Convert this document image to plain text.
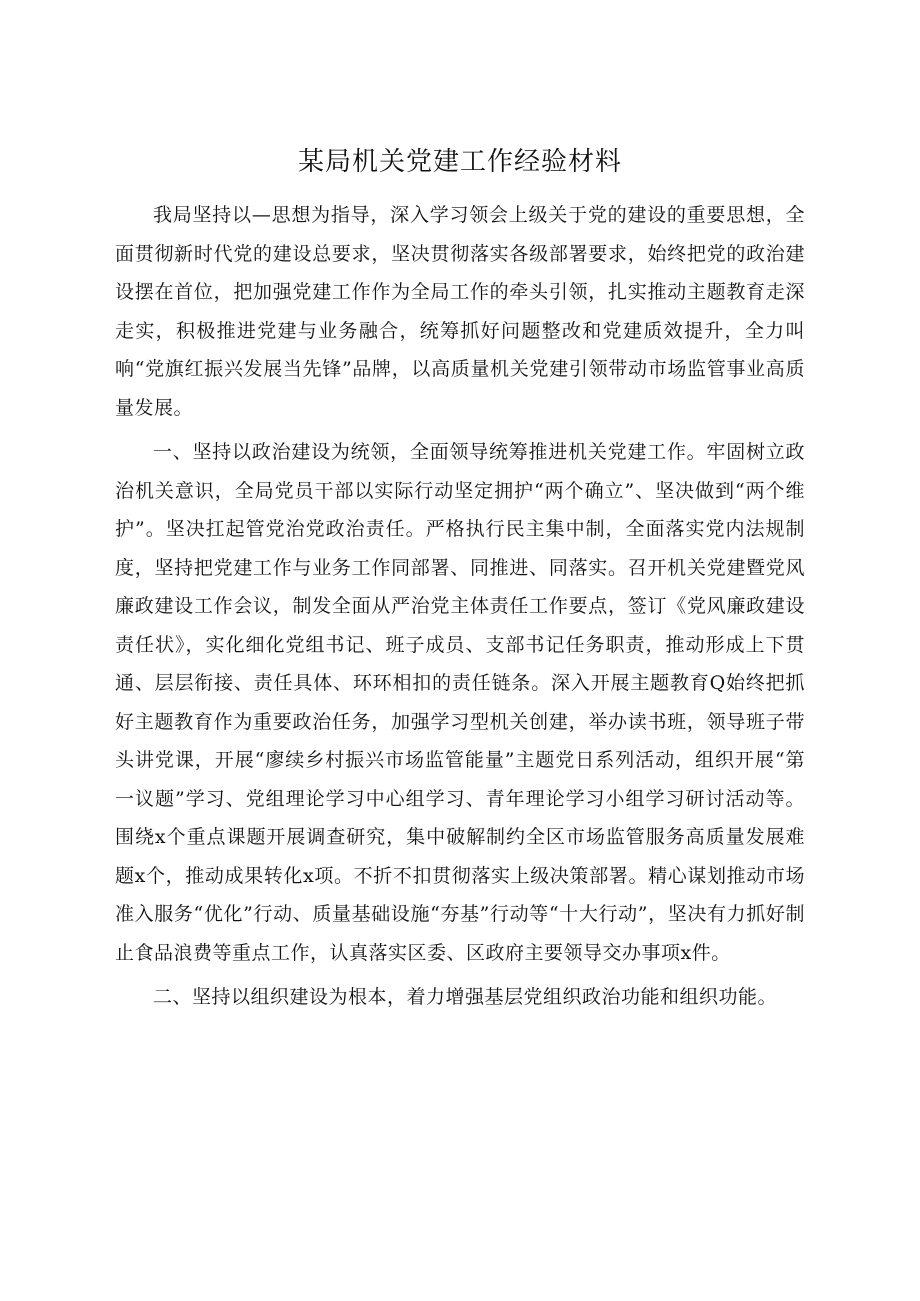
某局机关党建工作经验材料

我局坚持以—思想为指导，深入学习领会上级关于党的建设的重要思想，全面贯彻新时代党的建设总要求，坚决贯彻落实各级部署要求，始终把党的政治建设摆在首位，把加强党建工作作为全局工作的牵头引领，扎实推动主题教育走深走实，积极推进党建与业务融合，统筹抓好问题整改和党建质效提升，全力叫响“党旗红振兴发展当先锋”品牌，以高质量机关党建引领带动市场监管事业高质量发展。

一、坚持以政治建设为统领，全面领导统筹推进机关党建工作。牢固树立政治机关意识，全局党员干部以实际行动坚定拥护“两个确立”、坚决做到“两个维护”。坚决扛起管党治党政治责任。严格执行民主集中制，全面落实党内法规制度，坚持把党建工作与业务工作同部署、同推进、同落实。召开机关党建暨党风廉政建设工作会议，制发全面从严治党主体责任工作要点，签订《党风廉政建设责任状》，实化细化党组书记、班子成员、支部书记任务职责，推动形成上下贯通、层层衔接、责任具体、环环相扣的责任链条。深入开展主题教育Q始终把抓好主题教育作为重要政治任务，加强学习型机关创建，举办读书班，领导班子带头讲党课，开展“廖续乡村振兴市场监管能量”主题党日系列活动，组织开展“第一议题”学习、党组理论学习中心组学习、青年理论学习小组学习研讨活动等。围绕x个重点课题开展调查研究，集中破解制约全区市场监管服务高质量发展难题x个，推动成果转化x项。不折不扣贯彻落实上级决策部署。精心谋划推动市场准入服务“优化”行动、质量基础设施“夯基”行动等“十大行动”，坚决有力抓好制止食品浪费等重点工作，认真落实区委、区政府主要领导交办事项x件。

二、坚持以组织建设为根本，着力增强基层党组织政治功能和组织功能。
